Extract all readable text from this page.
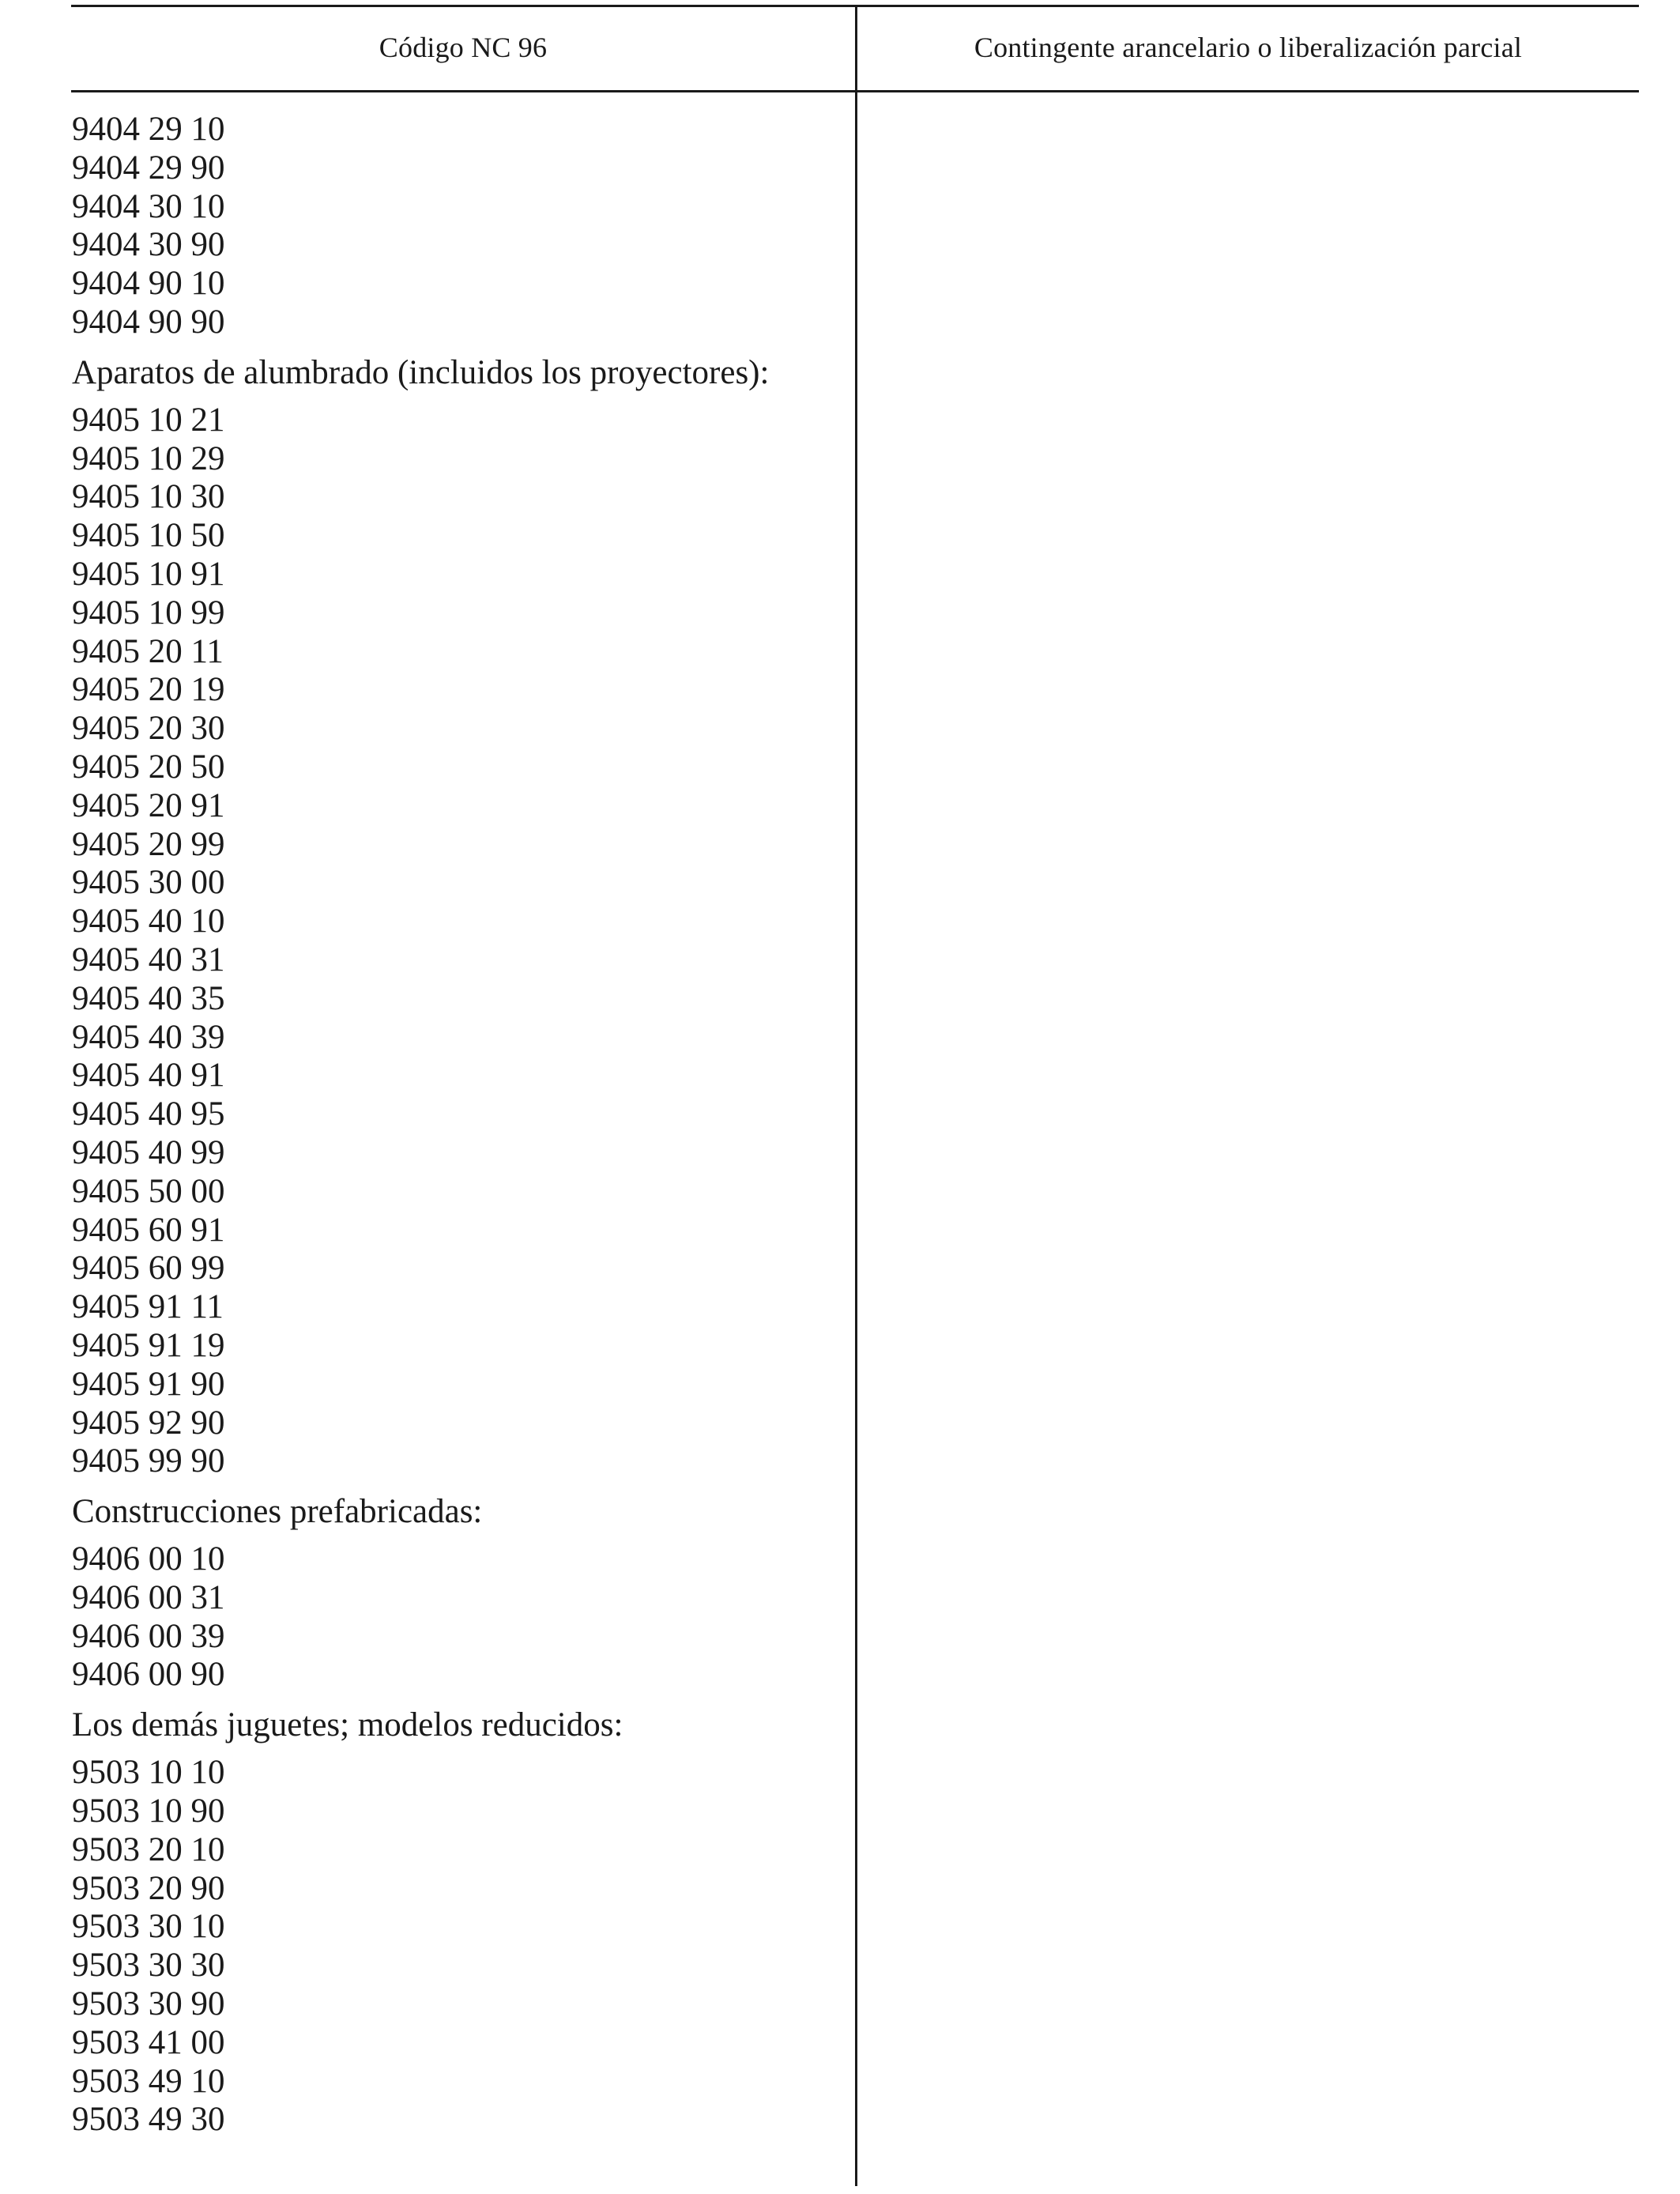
Código NC 96	Contingente arancelario o liberalización parcial
9404 29 10
9404 29 90
9404 30 10
9404 30 90
9404 90 10
9404 90 90
Aparatos de alumbrado (incluidos los proyectores):
9405 10 21
9405 10 29
9405 10 30
9405 10 50
9405 10 91
9405 10 99
9405 20 11
9405 20 19
9405 20 30
9405 20 50
9405 20 91
9405 20 99
9405 30 00
9405 40 10
9405 40 31
9405 40 35
9405 40 39
9405 40 91
9405 40 95
9405 40 99
9405 50 00
9405 60 91
9405 60 99
9405 91 11
9405 91 19
9405 91 90
9405 92 90
9405 99 90
Construcciones prefabricadas:
9406 00 10
9406 00 31
9406 00 39
9406 00 90
Los demás juguetes; modelos reducidos:
9503 10 10
9503 10 90
9503 20 10
9503 20 90
9503 30 10
9503 30 30
9503 30 90
9503 41 00
9503 49 10
9503 49 30
